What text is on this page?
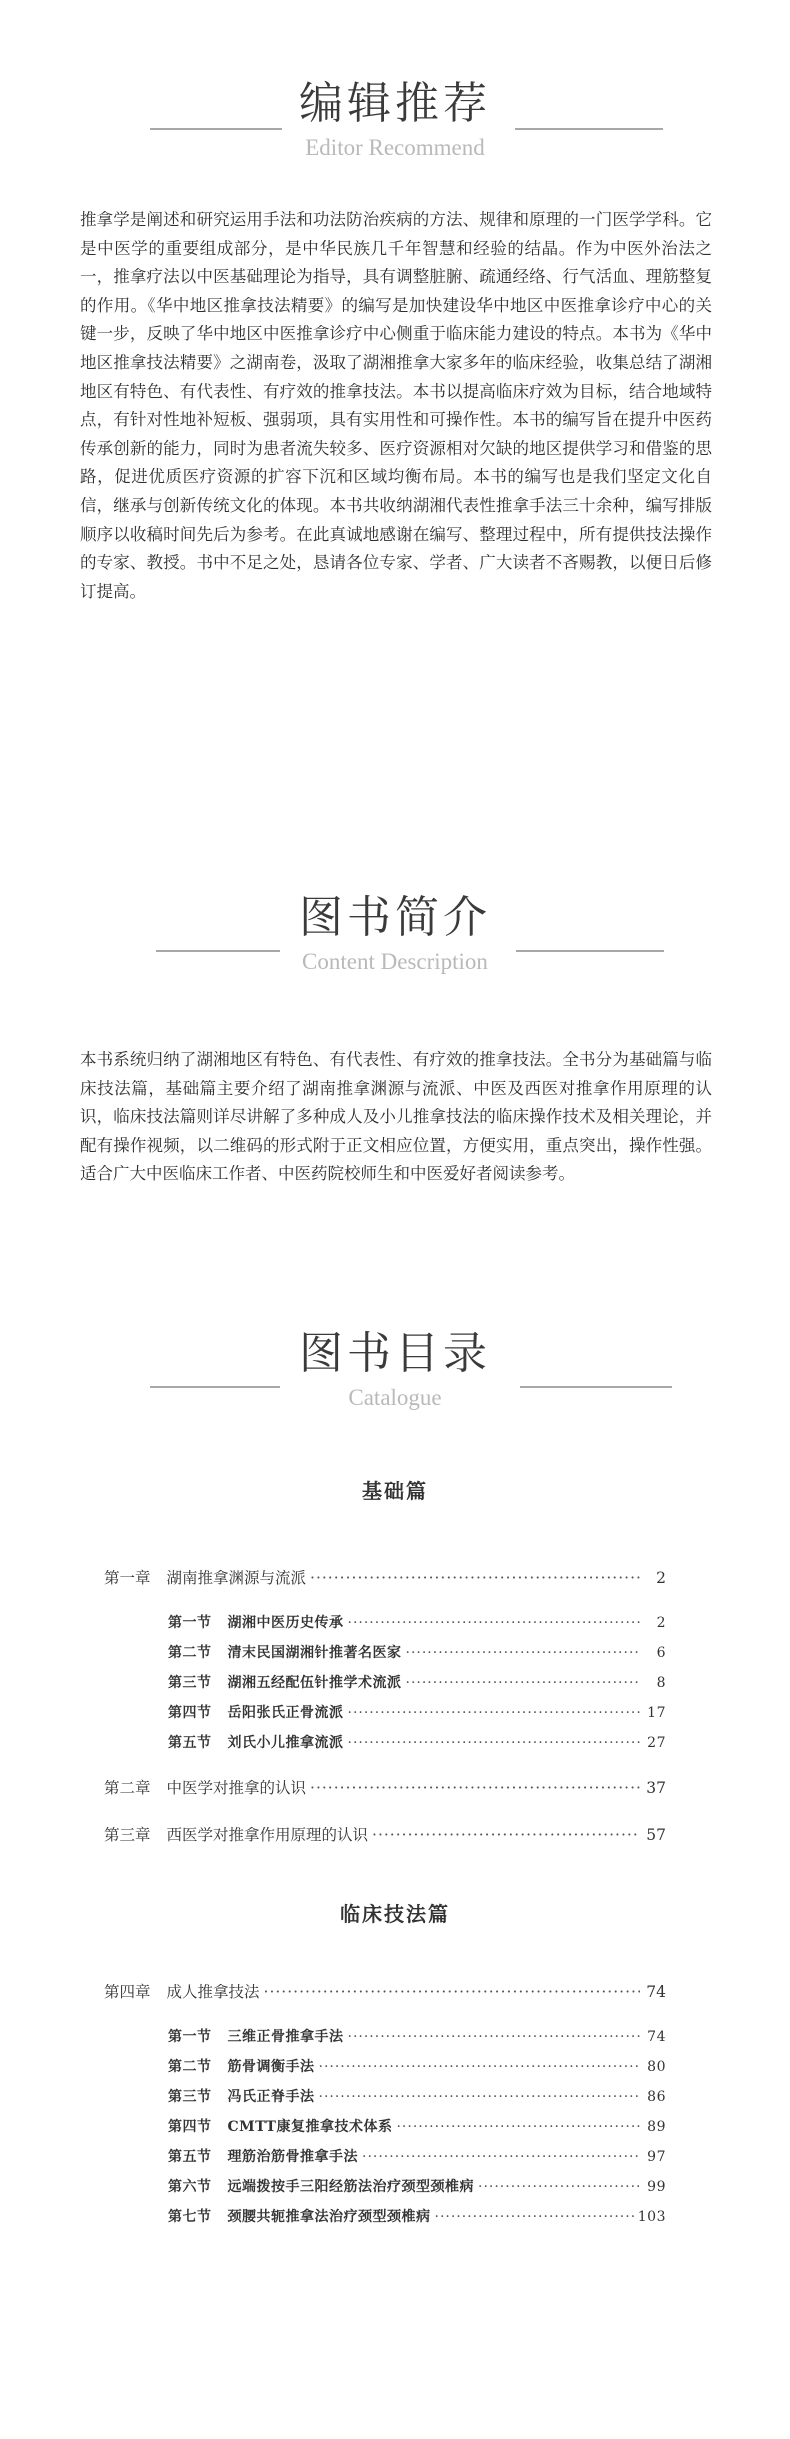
编辑推荐
Editor Recommend

推拿学是阐述和研究运用手法和功法防治疾病的方法、规律和原理的一门医学学科。它是中医学的重要组成部分，是中华民族几千年智慧和经验的结晶。作为中医外治法之一，推拿疗法以中医基础理论为指导，具有调整脏腑、疏通经络、行气活血、理筋整复的作用。《华中地区推拿技法精要》的编写是加快建设华中地区中医推拿诊疗中心的关键一步，反映了华中地区中医推拿诊疗中心侧重于临床能力建设的特点。本书为《华中地区推拿技法精要》之湖南卷，汲取了湖湘推拿大家多年的临床经验，收集总结了湖湘地区有特色、有代表性、有疗效的推拿技法。本书以提高临床疗效为目标，结合地域特点，有针对性地补短板、强弱项，具有实用性和可操作性。本书的编写旨在提升中医药传承创新的能力，同时为患者流失较多、医疗资源相对欠缺的地区提供学习和借鉴的思路，促进优质医疗资源的扩容下沉和区域均衡布局。本书的编写也是我们坚定文化自信，继承与创新传统文化的体现。本书共收纳湖湘代表性推拿手法三十余种，编写排版顺序以收稿时间先后为参考。在此真诚地感谢在编写、整理过程中，所有提供技法操作的专家、教授。书中不足之处，恳请各位专家、学者、广大读者不吝赐教，以便日后修订提高。

图书简介
Content Description

本书系统归纳了湖湘地区有特色、有代表性、有疗效的推拿技法。全书分为基础篇与临床技法篇，基础篇主要介绍了湖南推拿渊源与流派、中医及西医对推拿作用原理的认识，临床技法篇则详尽讲解了多种成人及小儿推拿技法的临床操作技术及相关理论，并配有操作视频，以二维码的形式附于正文相应位置，方便实用，重点突出，操作性强。适合广大中医临床工作者、中医药院校师生和中医爱好者阅读参考。

图书目录
Catalogue
基础篇
第一章 湖南推拿渊源与流派 ·····	2
第一节 湖湘中医历史传承 ·····	2
第二节 清末民国湖湘针推著名医家 ·····	6
第三节 湖湘五经配伍针推学术流派 ·····	8
第四节 岳阳张氏正骨流派 ·····	17
第五节 刘氏小儿推拿流派 ·····	27
第二章 中医学对推拿的认识 ·····	37
第三章 西医学对推拿作用原理的认识 ·····	57
临床技法篇
第四章 成人推拿技法 ·····	74
第一节 三维正骨推拿手法 ·····	74
第二节 筋骨调衡手法 ·····	80
第三节 冯氏正脊手法 ·····	86
第四节 CMTT康复推拿技术体系 ·····	89
第五节 理筋治筋骨推拿手法 ·····	97
第六节 远端拨按手三阳经筋法治疗颈型颈椎病 ·····	99
第七节 颈腰共轭推拿法治疗颈型颈椎病 ·····	103
